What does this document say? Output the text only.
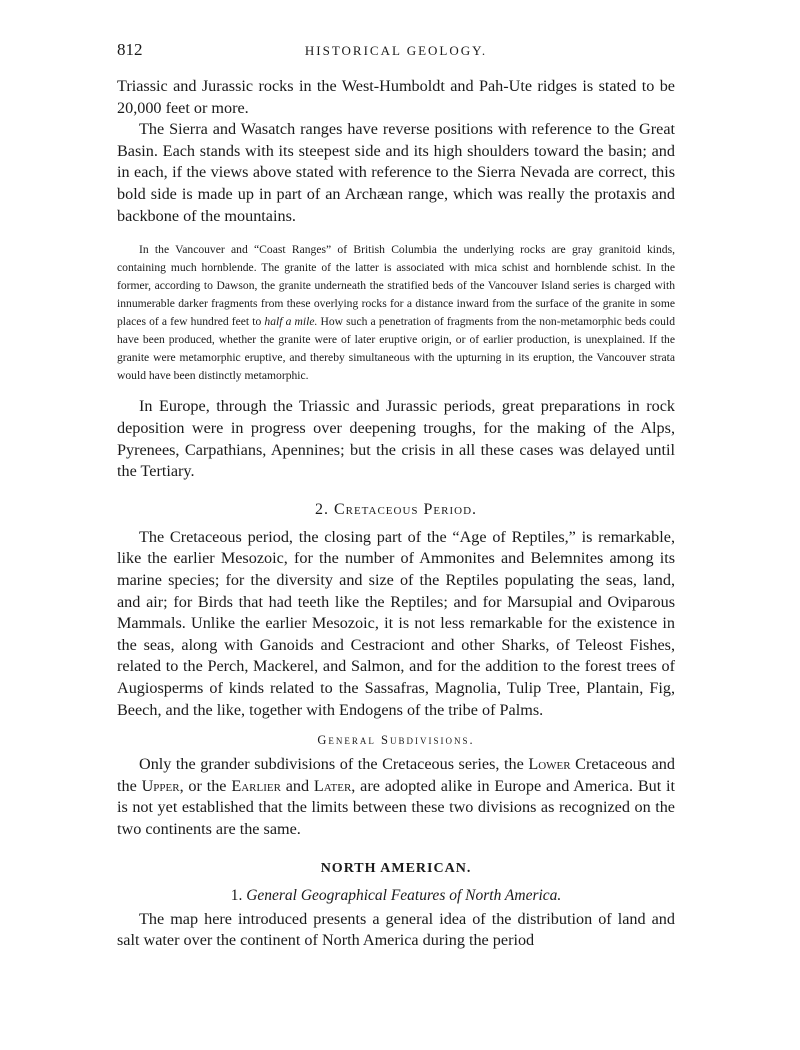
812	HISTORICAL GEOLOGY.

Triassic and Jurassic rocks in the West-Humboldt and Pah-Ute ridges is stated to be 20,000 feet or more.

The Sierra and Wasatch ranges have reverse positions with reference to the Great Basin. Each stands with its steepest side and its high shoulders toward the basin; and in each, if the views above stated with reference to the Sierra Nevada are correct, this bold side is made up in part of an Archæan range, which was really the protaxis and backbone of the mountains.

In the Vancouver and “Coast Ranges” of British Columbia the underlying rocks are gray granitoid kinds, containing much hornblende. The granite of the latter is associated with mica schist and hornblende schist. In the former, according to Dawson, the granite underneath the stratified beds of the Vancouver Island series is charged with innumerable darker fragments from these overlying rocks for a distance inward from the surface of the granite in some places of a few hundred feet to half a mile. How such a penetration of fragments from the non-metamorphic beds could have been produced, whether the granite were of later eruptive origin, or of earlier production, is unexplained. If the granite were metamorphic eruptive, and thereby simultaneous with the upturning in its eruption, the Vancouver strata would have been distinctly metamorphic.

In Europe, through the Triassic and Jurassic periods, great preparations in rock deposition were in progress over deepening troughs, for the making of the Alps, Pyrenees, Carpathians, Apennines; but the crisis in all these cases was delayed until the Tertiary.

2. Cretaceous Period.

The Cretaceous period, the closing part of the “Age of Reptiles,” is remarkable, like the earlier Mesozoic, for the number of Ammonites and Belemnites among its marine species; for the diversity and size of the Reptiles populating the seas, land, and air; for Birds that had teeth like the Reptiles; and for Marsupial and Oviparous Mammals. Unlike the earlier Mesozoic, it is not less remarkable for the existence in the seas, along with Ganoids and Cestraciont and other Sharks, of Teleost Fishes, related to the Perch, Mackerel, and Salmon, and for the addition to the forest trees of Augiosperms of kinds related to the Sassafras, Magnolia, Tulip Tree, Plantain, Fig, Beech, and the like, together with Endogens of the tribe of Palms.

General Subdivisions.

Only the grander subdivisions of the Cretaceous series, the Lower Cretaceous and the Upper, or the Earlier and Later, are adopted alike in Europe and America. But it is not yet established that the limits between these two divisions as recognized on the two continents are the same.

NORTH AMERICAN.
1. General Geographical Features of North America.

The map here introduced presents a general idea of the distribution of land and salt water over the continent of North America during the period
